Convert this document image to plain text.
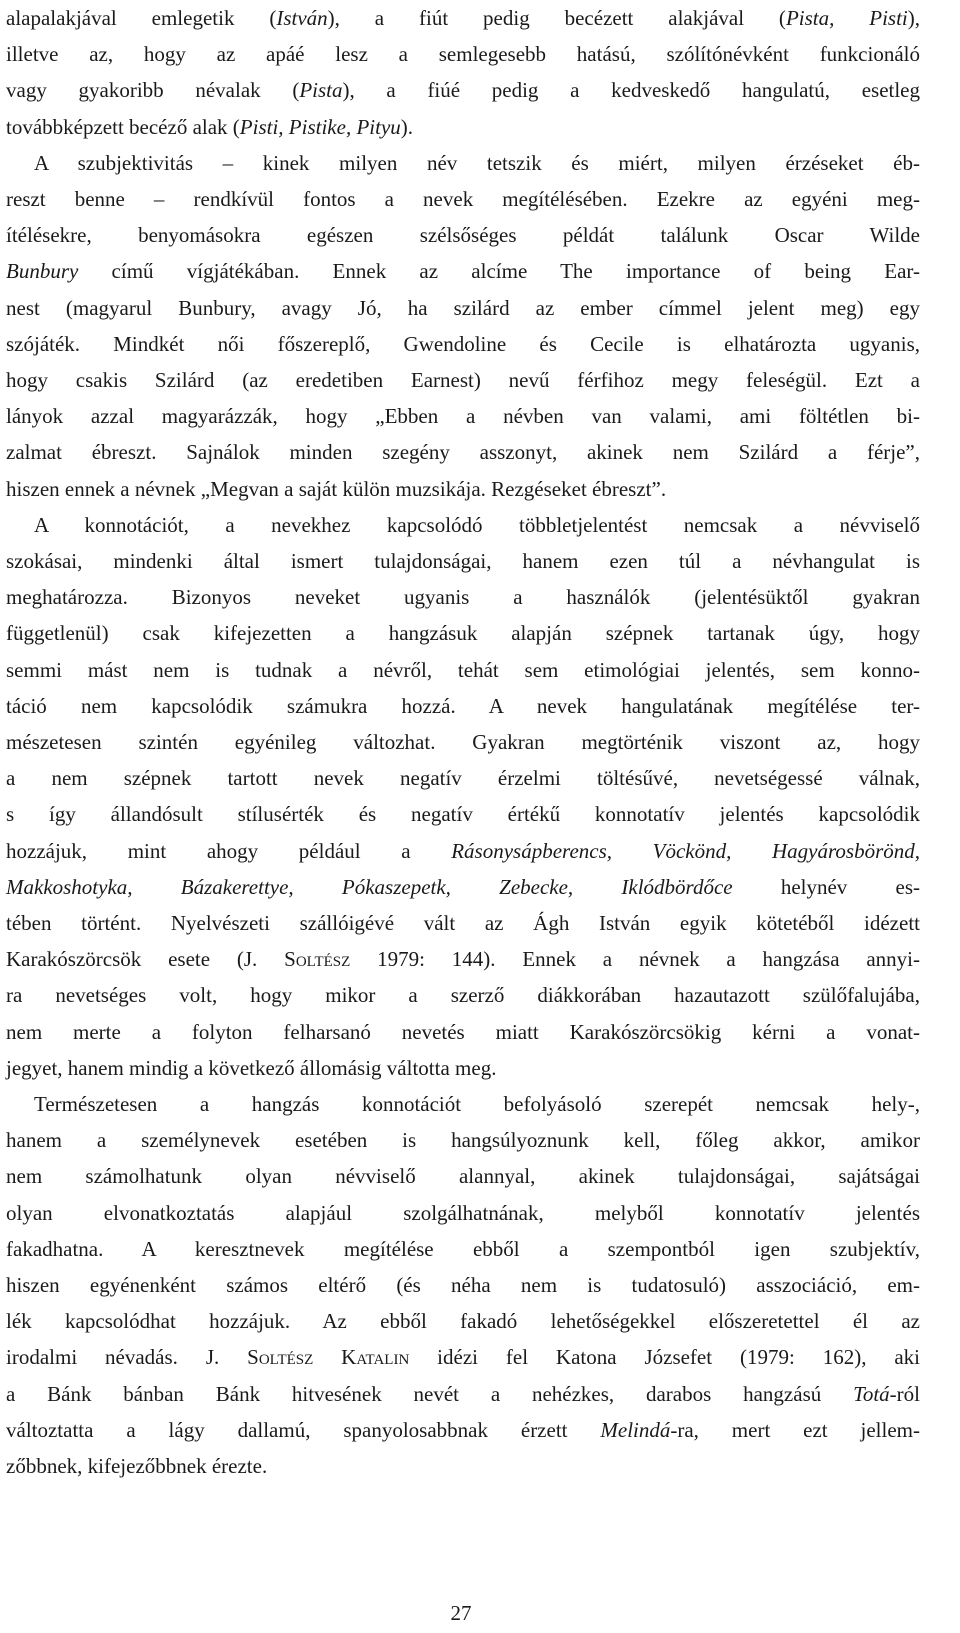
alapalakjával emlegetik (István), a fiút pedig becézett alakjával (Pista, Pisti),
illetve az, hogy az apáé lesz a semlegesebb hatású, szólítónévként funkcionáló
vagy gyakoribb névalak (Pista), a fiúé pedig a kedveskedő hangulatú, esetleg
továbbképzett becéző alak (Pisti, Pistike, Pityu).
A szubjektivitás – kinek milyen név tetszik és miért, milyen érzéseket éb-
reszt benne – rendkívül fontos a nevek megítélésében. Ezekre az egyéni meg-
ítélésekre, benyomásokra egészen szélsőséges példát találunk Oscar Wilde
Bunbury című vígjátékában. Ennek az alcíme The importance of being Ear-
nest (magyarul Bunbury, avagy Jó, ha szilárd az ember címmel jelent meg) egy
szójáték. Mindkét női főszereplő, Gwendoline és Cecile is elhatározta ugyanis,
hogy csakis Szilárd (az eredetiben Earnest) nevű férfihoz megy feleségül. Ezt a
lányok azzal magyarázzák, hogy „Ebben a névben van valami, ami föltétlen bi-
zalmat ébreszt. Sajnálok minden szegény asszonyt, akinek nem Szilárd a férje”,
hiszen ennek a névnek „Megvan a saját külön muzsikája. Rezgéseket ébreszt”.
A konnotációt, a nevekhez kapcsolódó többletjelentést nemcsak a névviselő
szokásai, mindenki által ismert tulajdonságai, hanem ezen túl a névhangulat is
meghatározza. Bizonyos neveket ugyanis a használók (jelentésüktől gyakran
függetlenül) csak kifejezetten a hangzásuk alapján szépnek tartanak úgy, hogy
semmi mást nem is tudnak a névről, tehát sem etimológiai jelentés, sem konno-
táció nem kapcsolódik számukra hozzá. A nevek hangulatának megítélése ter-
mészetesen szintén egyénileg változhat. Gyakran megtörténik viszont az, hogy
a nem szépnek tartott nevek negatív érzelmi töltésűvé, nevetségessé válnak,
s így állandósult stílusérték és negatív értékű konnotatív jelentés kapcsolódik
hozzájuk, mint ahogy például a Rásonysápberencs, Vöckönd, Hagyárosbörönd,
Makkoshotyka, Bázakerettye, Pókaszepetk, Zebecke, Iklódbördőce helynév es-
tében történt. Nyelvészeti szállóigévé vált az Ágh István egyik kötetéből idézett
Karakószörcsök esete (J. Soltész 1979: 144). Ennek a névnek a hangzása annyi-
ra nevetséges volt, hogy mikor a szerző diákkorában hazautazott szülőfalujába,
nem merte a folyton felharsanó nevetés miatt Karakószörcsökig kérni a vonat-
jegyet, hanem mindig a következő állomásig váltotta meg.
Természetesen a hangzás konnotációt befolyásoló szerepét nemcsak hely-,
hanem a személynevek esetében is hangsúlyoznunk kell, főleg akkor, amikor
nem számolhatunk olyan névviselő alannyal, akinek tulajdonságai, sajátságai
olyan elvonatkoztatás alapjául szolgálhatnának, melyből konnotatív jelentés
fakadhatna. A keresztnevek megítélése ebből a szempontból igen szubjektív,
hiszen egyénenként számos eltérő (és néha nem is tudatosuló) asszociáció, em-
lék kapcsolódhat hozzájuk. Az ebből fakadó lehetőségekkel előszeretettel él az
irodalmi névadás. J. Soltész Katalin idézi fel Katona Józsefet (1979: 162), aki
a Bánk bánban Bánk hitvesének nevét a nehézkes, darabos hangzású Totá-ról
változtatta a lágy dallamú, spanyolosabbnak érzett Melindá-ra, mert ezt jellem-
zőbbnek, kifejezőbbnek érezte.
27
